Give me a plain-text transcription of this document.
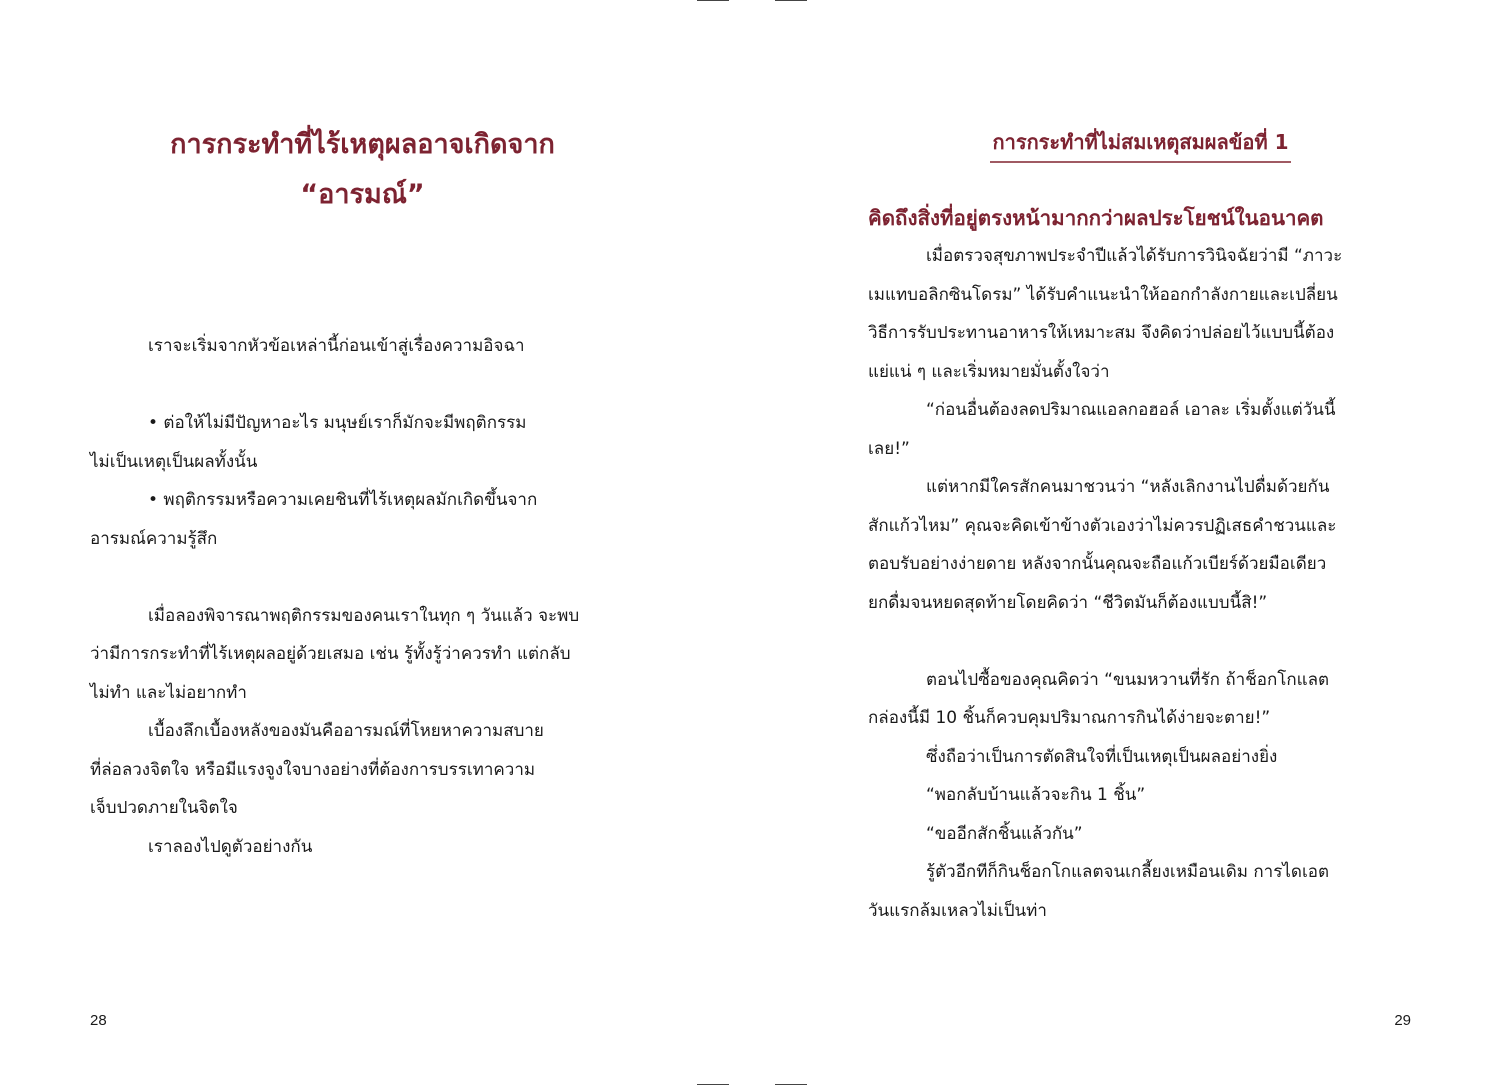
การกระทำที่ไร้เหตุผลอาจเกิดจาก
“อารมณ์”

เราจะเริ่มจากหัวข้อเหล่านี้ก่อนเข้าสู่เรื่องความอิจฉา

• ต่อให้ไม่มีปัญหาอะไร มนุษย์เราก็มักจะมีพฤติกรรม
ไม่เป็นเหตุเป็นผลทั้งนั้น

• พฤติกรรมหรือความเคยชินที่ไร้เหตุผลมักเกิดขึ้นจาก
อารมณ์ความรู้สึก

เมื่อลองพิจารณาพฤติกรรมของคนเราในทุก ๆ วันแล้ว จะพบ
ว่ามีการกระทำที่ไร้เหตุผลอยู่ด้วยเสมอ เช่น รู้ทั้งรู้ว่าควรทำ แต่กลับ
ไม่ทำ และไม่อยากทำ

เบื้องลึกเบื้องหลังของมันคืออารมณ์ที่โหยหาความสบาย
ที่ล่อลวงจิตใจ หรือมีแรงจูงใจบางอย่างที่ต้องการบรรเทาความ
เจ็บปวดภายในจิตใจ

เราลองไปดูตัวอย่างกัน

28
การกระทำที่ไม่สมเหตุสมผลข้อที่ 1
คิดถึงสิ่งที่อยู่ตรงหน้ามากกว่าผลประโยชน์ในอนาคต

เมื่อตรวจสุขภาพประจำปีแล้วได้รับการวินิจฉัยว่ามี “ภาวะ
เมแทบอลิกซินโดรม” ได้รับคำแนะนำให้ออกกำลังกายและเปลี่ยน
วิธีการรับประทานอาหารให้เหมาะสม จึงคิดว่าปล่อยไว้แบบนี้ต้อง
แย่แน่ ๆ และเริ่มหมายมั่นตั้งใจว่า

“ก่อนอื่นต้องลดปริมาณแอลกอฮอล์ เอาละ เริ่มตั้งแต่วันนี้
เลย!”

แต่หากมีใครสักคนมาชวนว่า “หลังเลิกงานไปดื่มด้วยกัน
สักแก้วไหม” คุณจะคิดเข้าข้างตัวเองว่าไม่ควรปฏิเสธคำชวนและ
ตอบรับอย่างง่ายดาย หลังจากนั้นคุณจะถือแก้วเบียร์ด้วยมือเดียว
ยกดื่มจนหยดสุดท้ายโดยคิดว่า “ชีวิตมันก็ต้องแบบนี้สิ!”

ตอนไปซื้อของคุณคิดว่า “ขนมหวานที่รัก ถ้าช็อกโกแลต
กล่องนี้มี 10 ชิ้นก็ควบคุมปริมาณการกินได้ง่ายจะตาย!”

ซึ่งถือว่าเป็นการตัดสินใจที่เป็นเหตุเป็นผลอย่างยิ่ง

“พอกลับบ้านแล้วจะกิน 1 ชิ้น”

“ขออีกสักชิ้นแล้วกัน”

รู้ตัวอีกทีก็กินช็อกโกแลตจนเกลี้ยงเหมือนเดิม การไดเอต
วันแรกล้มเหลวไม่เป็นท่า

29
